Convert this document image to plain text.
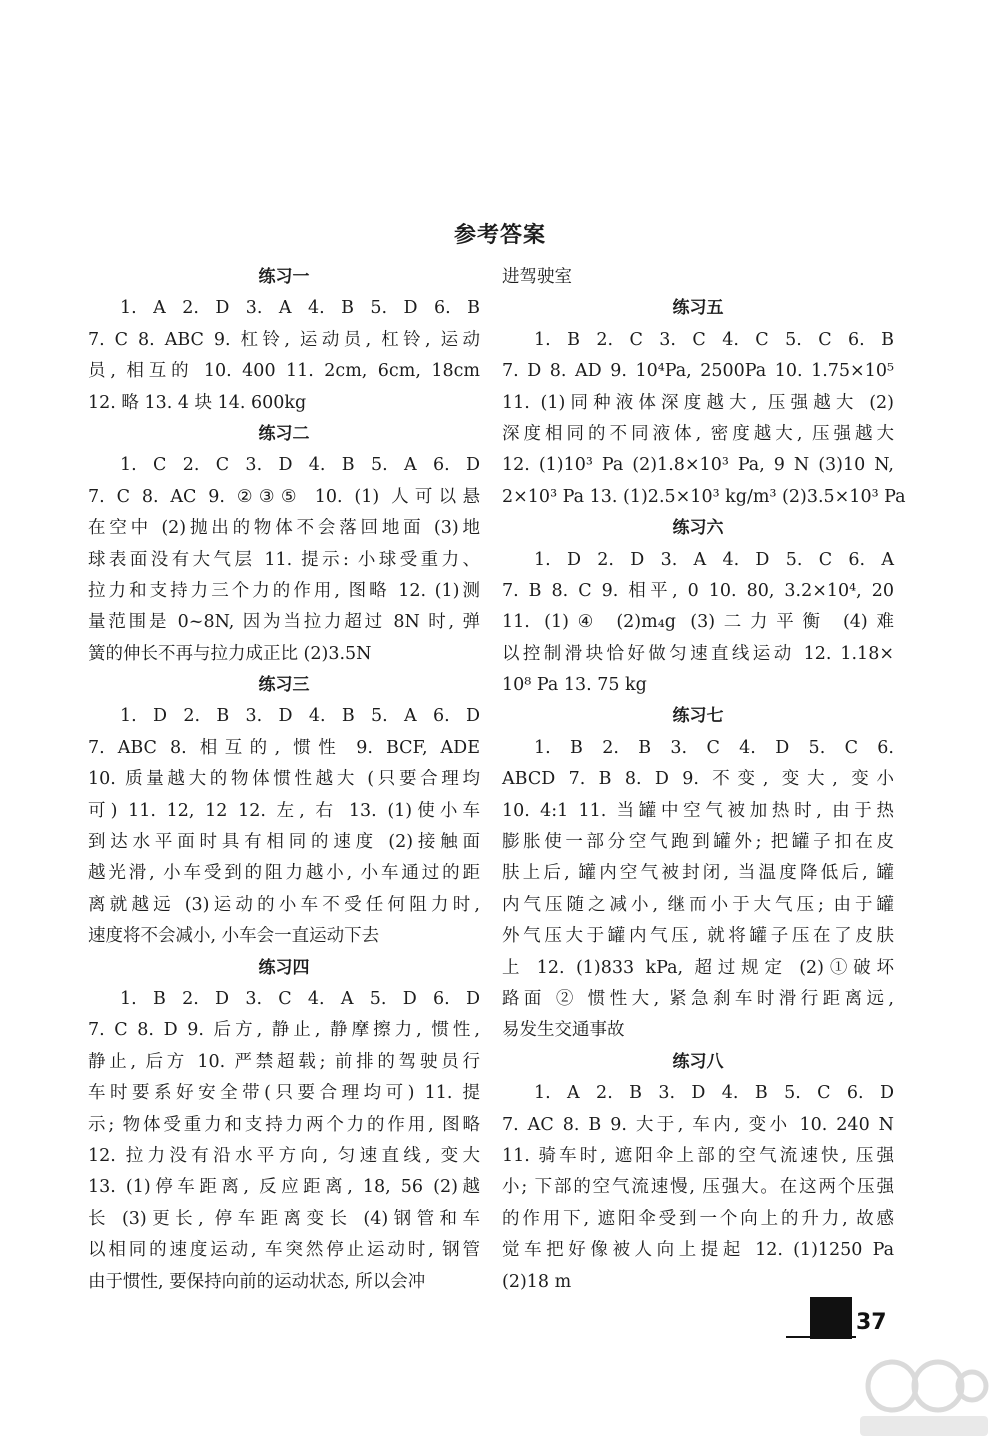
参考答案
练习一
1. A 2. D 3. A 4. B 5. D 6. B
7. C 8. ABC 9. 杠铃, 运动员, 杠铃, 运动
员, 相互的 10. 400 11. 2cm, 6cm, 18cm
12. 略 13. 4 块 14. 600kg
练习二
1. C 2. C 3. D 4. B 5. A 6. D
7. C 8. AC 9. ②③⑤ 10. (1) 人可以悬
在空中 (2)抛出的物体不会落回地面 (3)地
球表面没有大气层 11. 提示: 小球受重力、
拉力和支持力三个力的作用, 图略 12. (1)测
量范围是 0~8N, 因为当拉力超过 8N 时, 弹
簧的伸长不再与拉力成正比 (2)3.5N
练习三
1. D 2. B 3. D 4. B 5. A 6. D
7. ABC 8. 相互的, 惯性 9. BCF, ADE
10. 质量越大的物体惯性越大 (只要合理均
可) 11. 12, 12 12. 左, 右 13. (1)使小车
到达水平面时具有相同的速度 (2)接触面
越光滑, 小车受到的阻力越小, 小车通过的距
离就越远 (3)运动的小车不受任何阻力时,
速度将不会减小, 小车会一直运动下去
练习四
1. B 2. D 3. C 4. A 5. D 6. D
7. C 8. D 9. 后方, 静止, 静摩擦力, 惯性,
静止, 后方 10. 严禁超载; 前排的驾驶员行
车时要系好安全带(只要合理均可) 11. 提
示; 物体受重力和支持力两个力的作用, 图略
12. 拉力没有沿水平方向, 匀速直线, 变大
13. (1)停车距离, 反应距离, 18, 56 (2)越
长 (3)更长, 停车距离变长 (4)钢管和车
以相同的速度运动, 车突然停止运动时, 钢管
由于惯性, 要保持向前的运动状态, 所以会冲
进驾驶室
练习五
1. B 2. C 3. C 4. C 5. C 6. B
7. D 8. AD 9. 10⁴Pa, 2500Pa 10. 1.75×10⁵
11. (1)同种液体深度越大, 压强越大 (2)
深度相同的不同液体, 密度越大, 压强越大
12. (1)10³ Pa (2)1.8×10³ Pa, 9 N (3)10 N,
2×10³ Pa 13. (1)2.5×10³ kg/m³ (2)3.5×10³ Pa
练习六
1. D 2. D 3. A 4. D 5. C 6. A
7. B 8. C 9. 相平, 0 10. 80, 3.2×10⁴, 20
11. (1)④ (2)m₄g (3)二力平衡 (4)难
以控制滑块恰好做匀速直线运动 12. 1.18×
10⁸ Pa 13. 75 kg
练习七
1. B 2. B 3. C 4. D 5. C 6.
ABCD 7. B 8. D 9. 不变, 变大, 变小
10. 4:1 11. 当罐中空气被加热时, 由于热
膨胀使一部分空气跑到罐外; 把罐子扣在皮
肤上后, 罐内空气被封闭, 当温度降低后, 罐
内气压随之减小, 继而小于大气压; 由于罐
外气压大于罐内气压, 就将罐子压在了皮肤
上 12. (1)833 kPa, 超过规定 (2)①破坏
路面 ② 惯性大, 紧急刹车时滑行距离远,
易发生交通事故
练习八
1. A 2. B 3. D 4. B 5. C 6. D
7. AC 8. B 9. 大于, 车内, 变小 10. 240 N
11. 骑车时, 遮阳伞上部的空气流速快, 压强
小; 下部的空气流速慢, 压强大。在这两个压强
的作用下, 遮阳伞受到一个向上的升力, 故感
觉车把好像被人向上提起 12. (1)1250 Pa
(2)18 m
37
